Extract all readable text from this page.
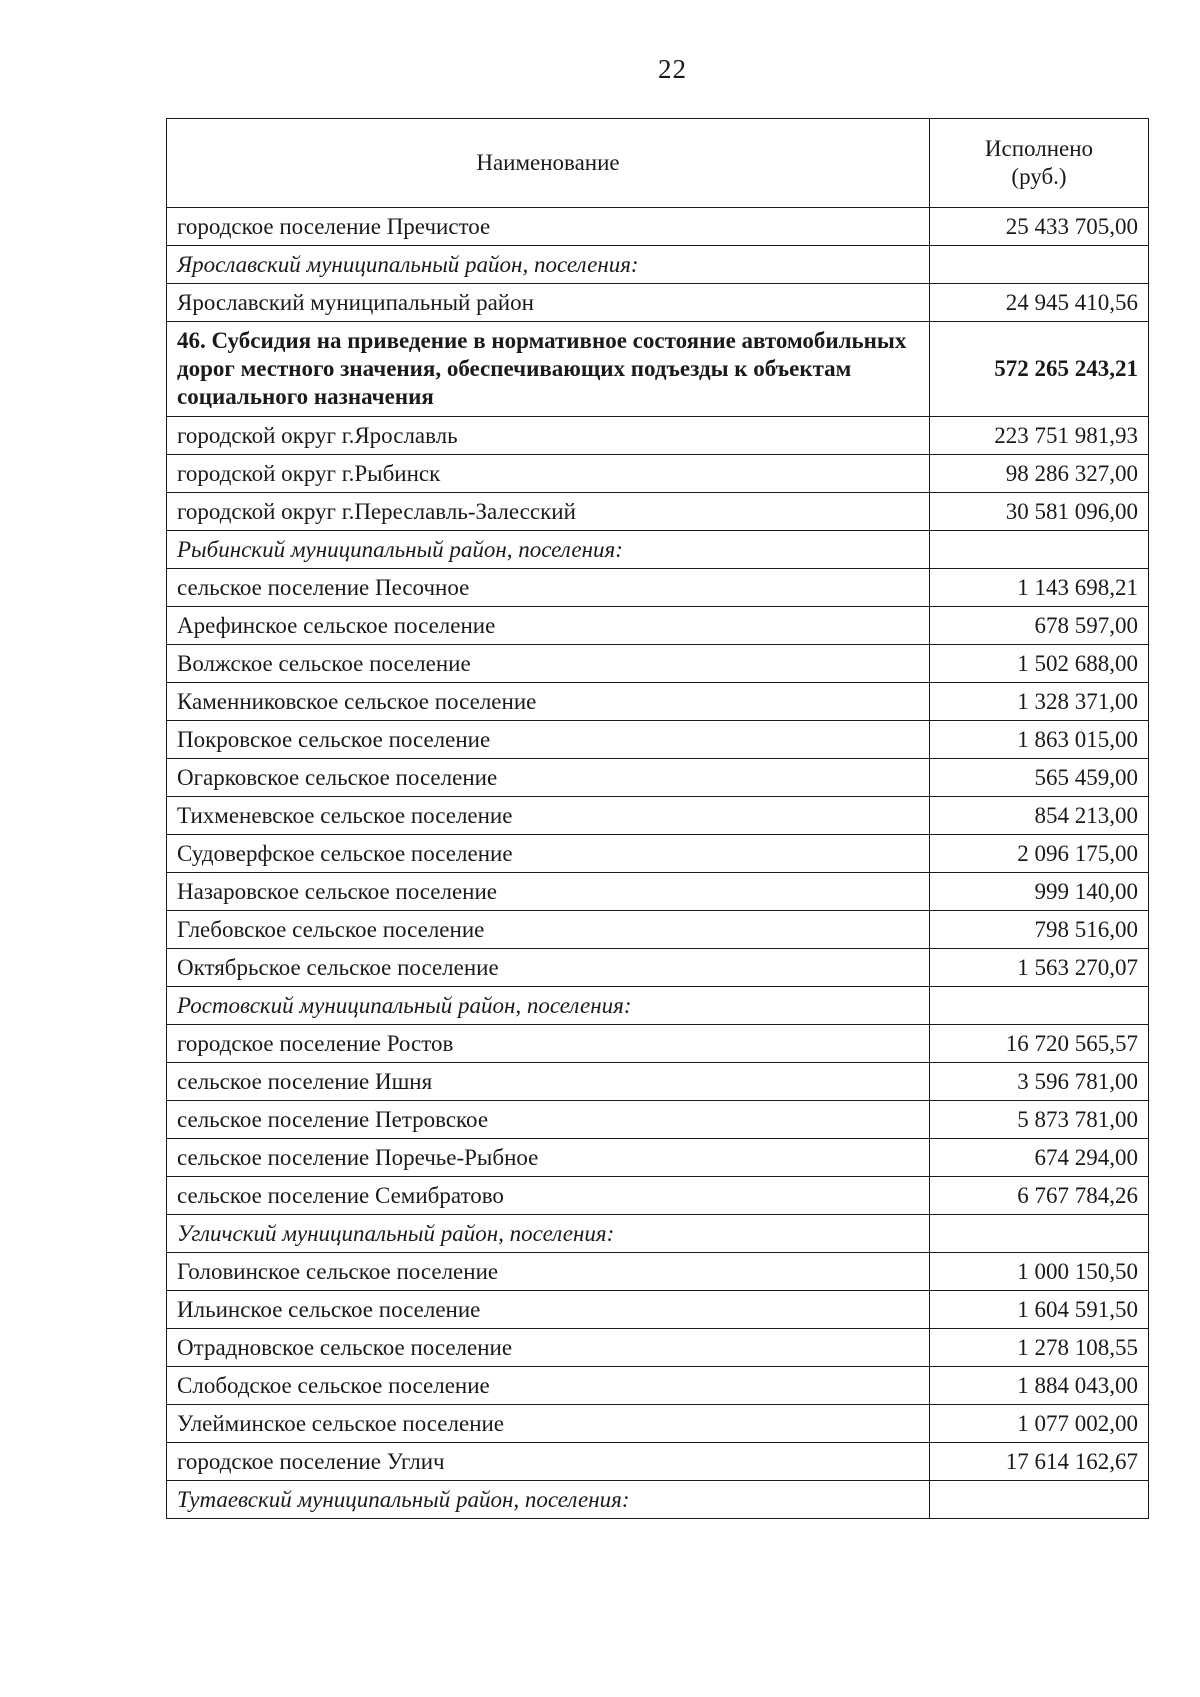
22
Наименование	Исполнено
(руб.)
городское поселение Пречистое	25 433 705,00
Ярославский муниципальный район, поселения:	
Ярославский муниципальный район	24 945 410,56
46. Субсидия на приведение в нормативное состояние автомобильных дорог местного значения, обеспечивающих подъезды к объектам социального назначения	572 265 243,21
городской округ г.Ярославль	223 751 981,93
городской округ г.Рыбинск	98 286 327,00
городской округ г.Переславль-Залесский	30 581 096,00
Рыбинский муниципальный район, поселения:	
сельское поселение Песочное	1 143 698,21
Арефинское сельское поселение	678 597,00
Волжское сельское поселение	1 502 688,00
Каменниковское сельское поселение	1 328 371,00
Покровское сельское поселение	1 863 015,00
Огарковское сельское поселение	565 459,00
Тихменевское сельское поселение	854 213,00
Судоверфское сельское поселение	2 096 175,00
Назаровское сельское поселение	999 140,00
Глебовское сельское поселение	798 516,00
Октябрьское сельское поселение	1 563 270,07
Ростовский муниципальный район, поселения:	
городское поселение Ростов	16 720 565,57
сельское поселение Ишня	3 596 781,00
сельское поселение Петровское	5 873 781,00
сельское поселение Поречье-Рыбное	674 294,00
сельское поселение Семибратово	6 767 784,26
Угличский муниципальный район, поселения:	
Головинское сельское поселение	1 000 150,50
Ильинское сельское поселение	1 604 591,50
Отрадновское сельское поселение	1 278 108,55
Слободское сельское поселение	1 884 043,00
Улейминское сельское поселение	1 077 002,00
городское поселение Углич	17 614 162,67
Тутаевский муниципальный район, поселения:	
